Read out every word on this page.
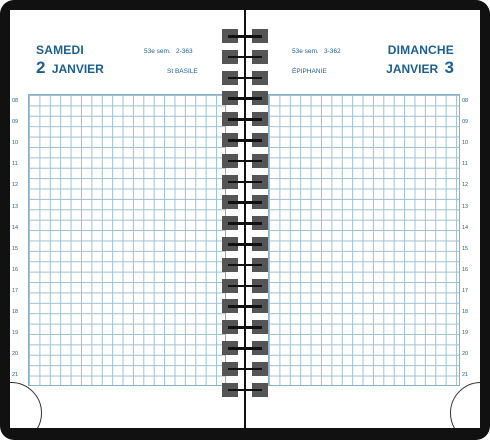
SAMEDI
2 JANVIER
53e sem. 2-363
St BASILE
08
09
10
11
12
13
14
15
16
17
18
19
20
21
53e sem. 3-362
ÉPIPHANIE
DIMANCHE
JANVIER 3
08
09
10
11
12
13
14
15
16
17
18
19
20
21
